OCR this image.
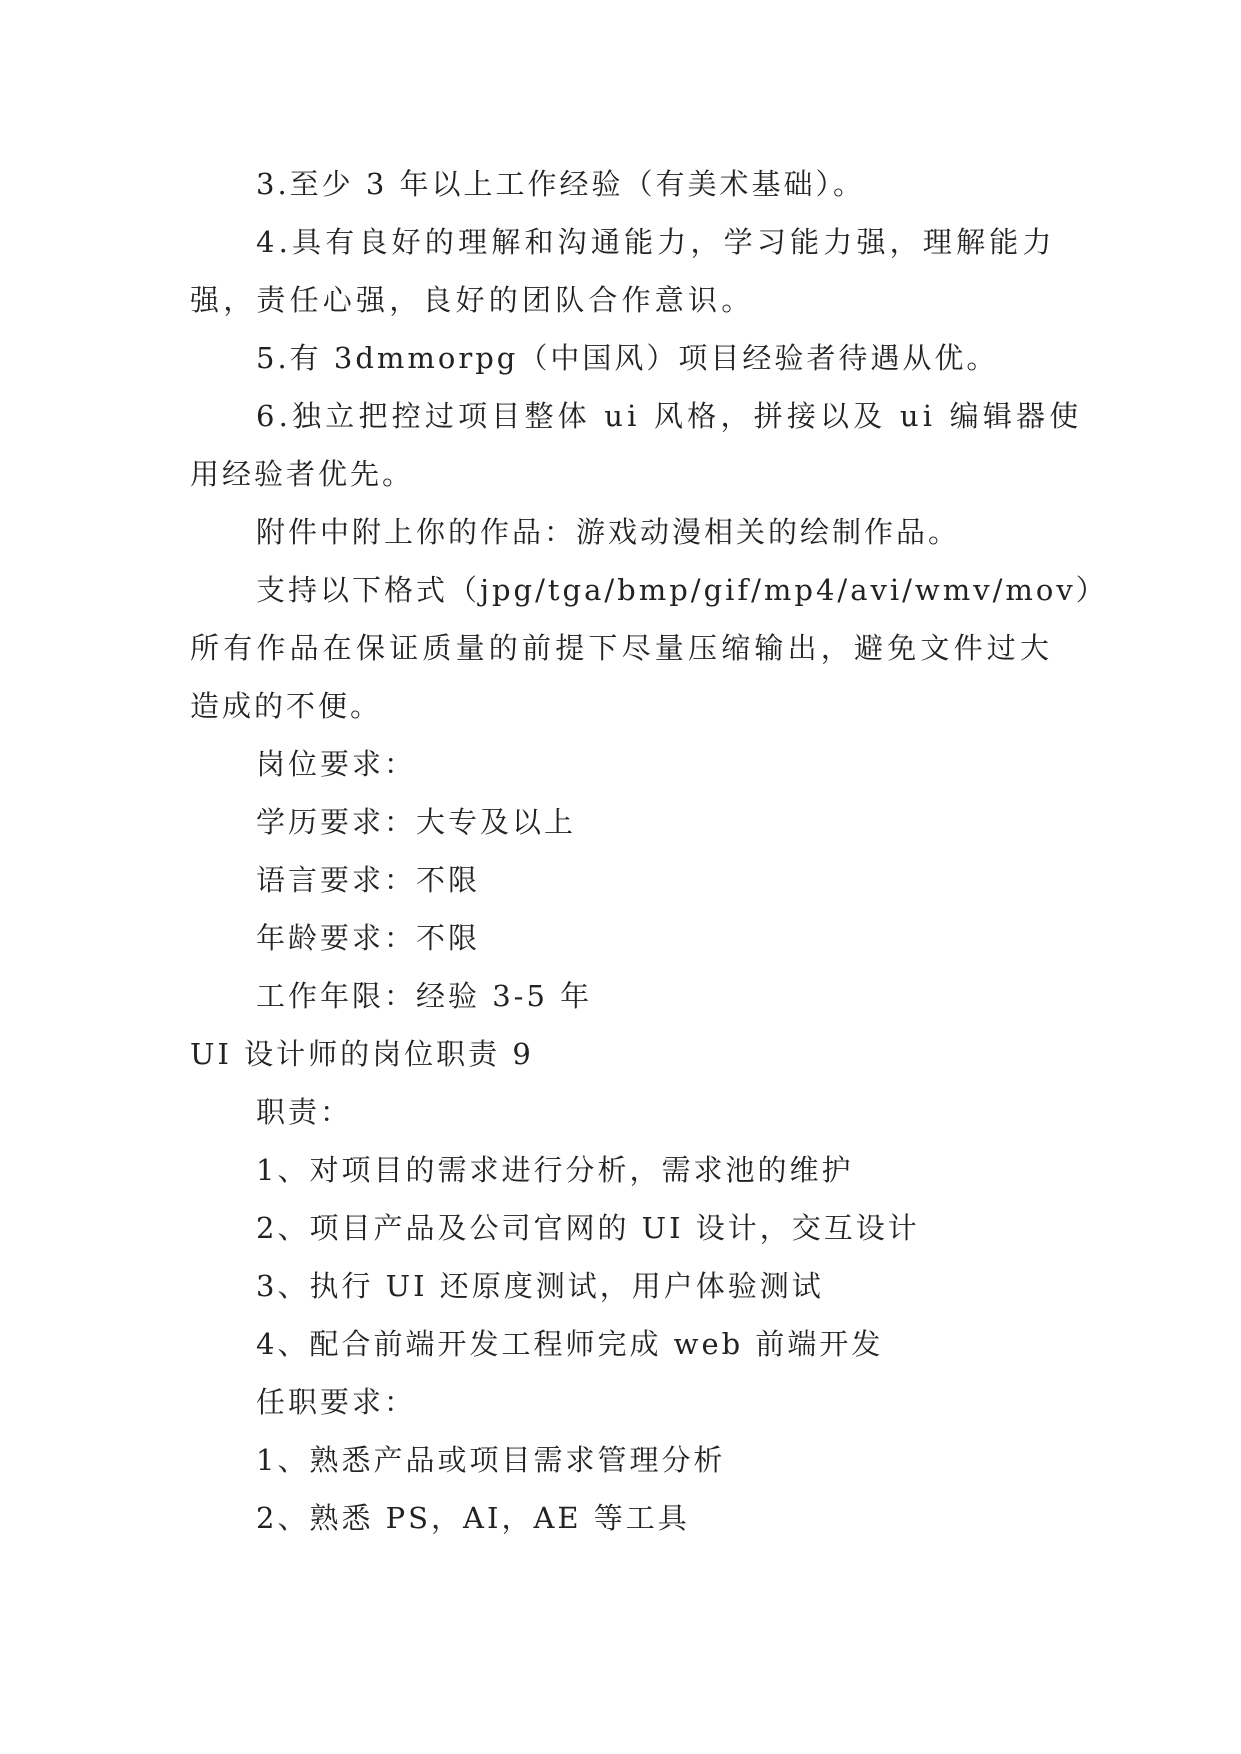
3.至少 3 年以上工作经验（有美术基础）。
4.具有良好的理解和沟通能力，学习能力强，理解能力
强，责任心强，良好的团队合作意识。
5.有 3dmmorpg（中国风）项目经验者待遇从优。
6.独立把控过项目整体 ui 风格，拼接以及 ui 编辑器使
用经验者优先。
附件中附上你的作品：游戏动漫相关的绘制作品。
支持以下格式（jpg/tga/bmp/gif/mp4/avi/wmv/mov）
所有作品在保证质量的前提下尽量压缩输出，避免文件过大
造成的不便。
岗位要求：
学历要求：大专及以上
语言要求：不限
年龄要求：不限
工作年限：经验 3-5 年
UI 设计师的岗位职责 9
职责：
1、对项目的需求进行分析，需求池的维护
2、项目产品及公司官网的 UI 设计，交互设计
3、执行 UI 还原度测试，用户体验测试
4、配合前端开发工程师完成 web 前端开发
任职要求：
1、熟悉产品或项目需求管理分析
2、熟悉 PS，AI，AE 等工具
